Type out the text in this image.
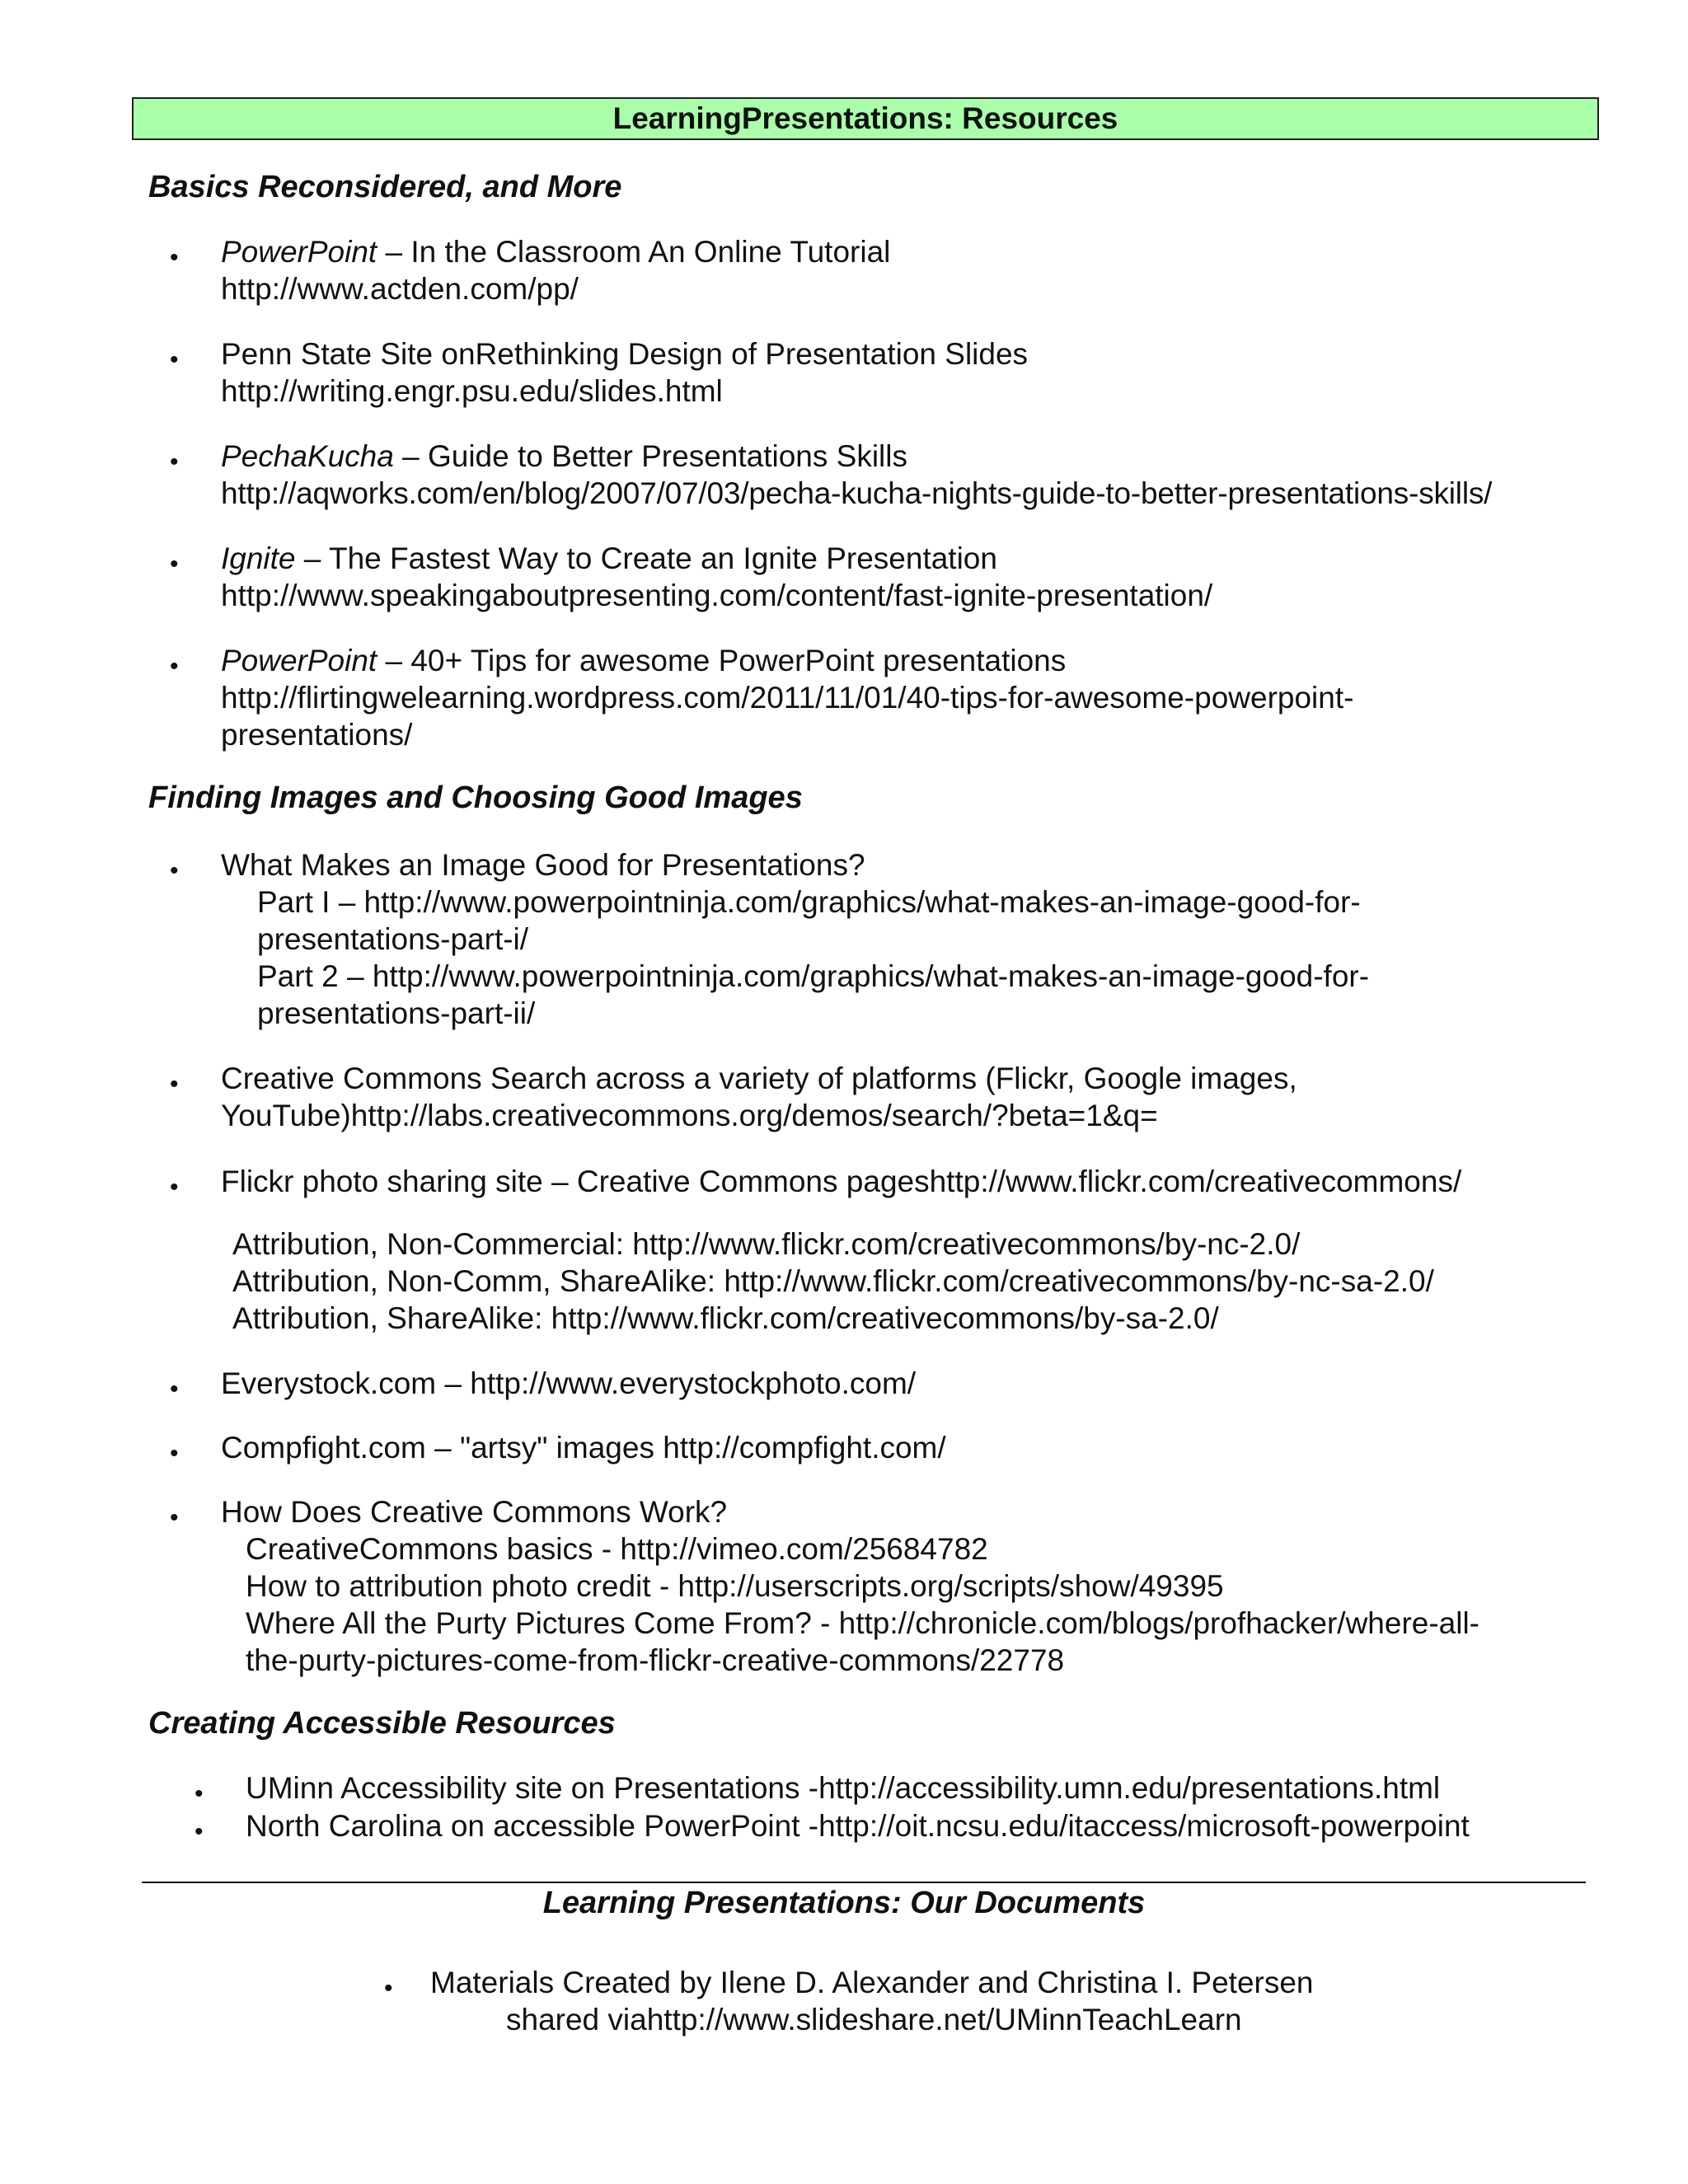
LearningPresentations: Resources
Basics Reconsidered, and More
• PowerPoint – In the Classroom An Online Tutorial
http://www.actden.com/pp/
• Penn State Site onRethinking Design of Presentation Slides
http://writing.engr.psu.edu/slides.html
• PechaKucha – Guide to Better Presentations Skills
http://aqworks.com/en/blog/2007/07/03/pecha-kucha-nights-guide-to-better-presentations-skills/
• Ignite – The Fastest Way to Create an Ignite Presentation
http://www.speakingaboutpresenting.com/content/fast-ignite-presentation/
• PowerPoint – 40+ Tips for awesome PowerPoint presentations
http://flirtingwelearning.wordpress.com/2011/11/01/40-tips-for-awesome-powerpoint-
presentations/
Finding Images and Choosing Good Images
• What Makes an Image Good for Presentations?
Part I – http://www.powerpointninja.com/graphics/what-makes-an-image-good-for-
presentations-part-i/
Part 2 – http://www.powerpointninja.com/graphics/what-makes-an-image-good-for-
presentations-part-ii/
• Creative Commons Search across a variety of platforms (Flickr, Google images,
YouTube)http://labs.creativecommons.org/demos/search/?beta=1&q=
• Flickr photo sharing site – Creative Commons pageshttp://www.flickr.com/creativecommons/
Attribution, Non-Commercial: http://www.flickr.com/creativecommons/by-nc-2.0/
Attribution, Non-Comm, ShareAlike: http://www.flickr.com/creativecommons/by-nc-sa-2.0/
Attribution, ShareAlike: http://www.flickr.com/creativecommons/by-sa-2.0/
• Everystock.com – http://www.everystockphoto.com/
• Compfight.com – "artsy" images http://compfight.com/
• How Does Creative Commons Work?
CreativeCommons basics - http://vimeo.com/25684782
How to attribution photo credit - http://userscripts.org/scripts/show/49395
Where All the Purty Pictures Come From? - http://chronicle.com/blogs/profhacker/where-all-
the-purty-pictures-come-from-flickr-creative-commons/22778
Creating Accessible Resources
• UMinn Accessibility site on Presentations -http://accessibility.umn.edu/presentations.html
• North Carolina on accessible PowerPoint -http://oit.ncsu.edu/itaccess/microsoft-powerpoint
Learning Presentations: Our Documents
• Materials Created by Ilene D. Alexander and Christina I. Petersen
shared viahttp://www.slideshare.net/UMinnTeachLearn
